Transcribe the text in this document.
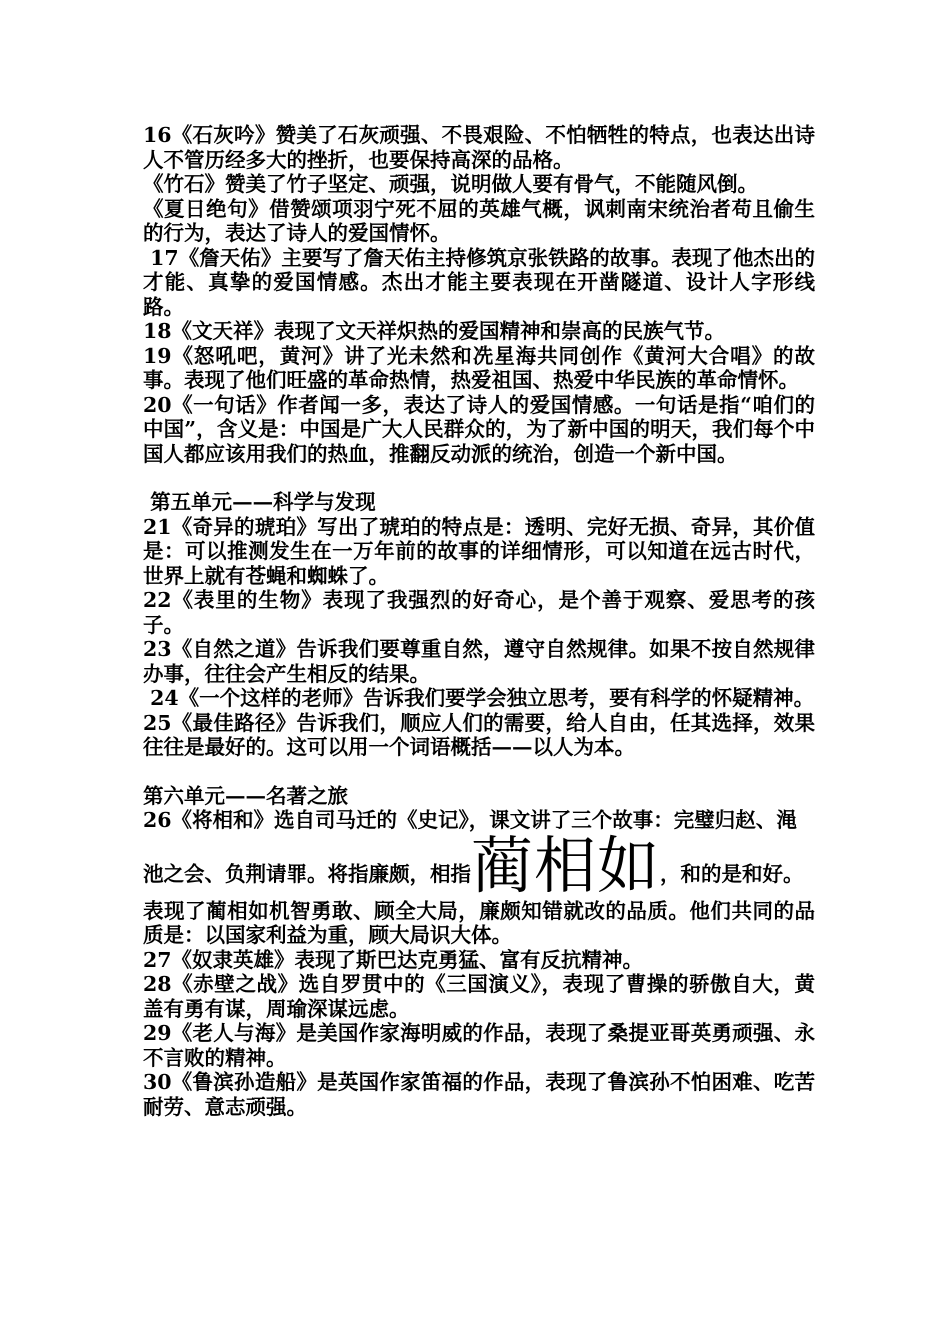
16《石灰吟》赞美了石灰顽强、不畏艰险、不怕牺牲的特点，也表达出诗人不管历经多大的挫折，也要保持高深的品格。

《竹石》赞美了竹子坚定、顽强，说明做人要有骨气，不能随风倒。

《夏日绝句》借赞颂项羽宁死不屈的英雄气概，讽刺南宋统治者苟且偷生的行为，表达了诗人的爱国情怀。

17《詹天佑》主要写了詹天佑主持修筑京张铁路的故事。表现了他杰出的才能、真挚的爱国情感。杰出才能主要表现在开凿隧道、设计人字形线路。

18《文天祥》表现了文天祥炽热的爱国精神和崇高的民族气节。

19《怒吼吧，黄河》讲了光未然和冼星海共同创作《黄河大合唱》的故事。表现了他们旺盛的革命热情，热爱祖国、热爱中华民族的革命情怀。

20《一句话》作者闻一多，表达了诗人的爱国情感。一句话是指“咱们的中国”，含义是：中国是广大人民群众的，为了新中国的明天，我们每个中国人都应该用我们的热血，推翻反动派的统治，创造一个新中国。

第五单元——科学与发现

21《奇异的琥珀》写出了琥珀的特点是：透明、完好无损、奇异，其价值是：可以推测发生在一万年前的故事的详细情形，可以知道在远古时代，世界上就有苍蝇和蜘蛛了。

22《表里的生物》表现了我强烈的好奇心，是个善于观察、爱思考的孩子。

23《自然之道》告诉我们要尊重自然，遵守自然规律。如果不按自然规律办事，往往会产生相反的结果。

24《一个这样的老师》告诉我们要学会独立思考，要有科学的怀疑精神。

25《最佳路径》告诉我们，顺应人们的需要，给人自由，任其选择，效果往往是最好的。这可以用一个词语概括——以人为本。

第六单元——名著之旅

26《将相和》选自司马迁的《史记》，课文讲了三个故事：完璧归赵、渑

池之会、负荆请罪。将指廉颇，相指蔺相如，和的是和好。

表现了蔺相如机智勇敢、顾全大局，廉颇知错就改的品质。他们共同的品质是：以国家利益为重，顾大局识大体。

27《奴隶英雄》表现了斯巴达克勇猛、富有反抗精神。

28《赤壁之战》选自罗贯中的《三国演义》，表现了曹操的骄傲自大，黄盖有勇有谋，周瑜深谋远虑。

29《老人与海》是美国作家海明威的作品，表现了桑提亚哥英勇顽强、永不言败的精神。

30《鲁滨孙造船》是英国作家笛福的作品，表现了鲁滨孙不怕困难、吃苦耐劳、意志顽强。
